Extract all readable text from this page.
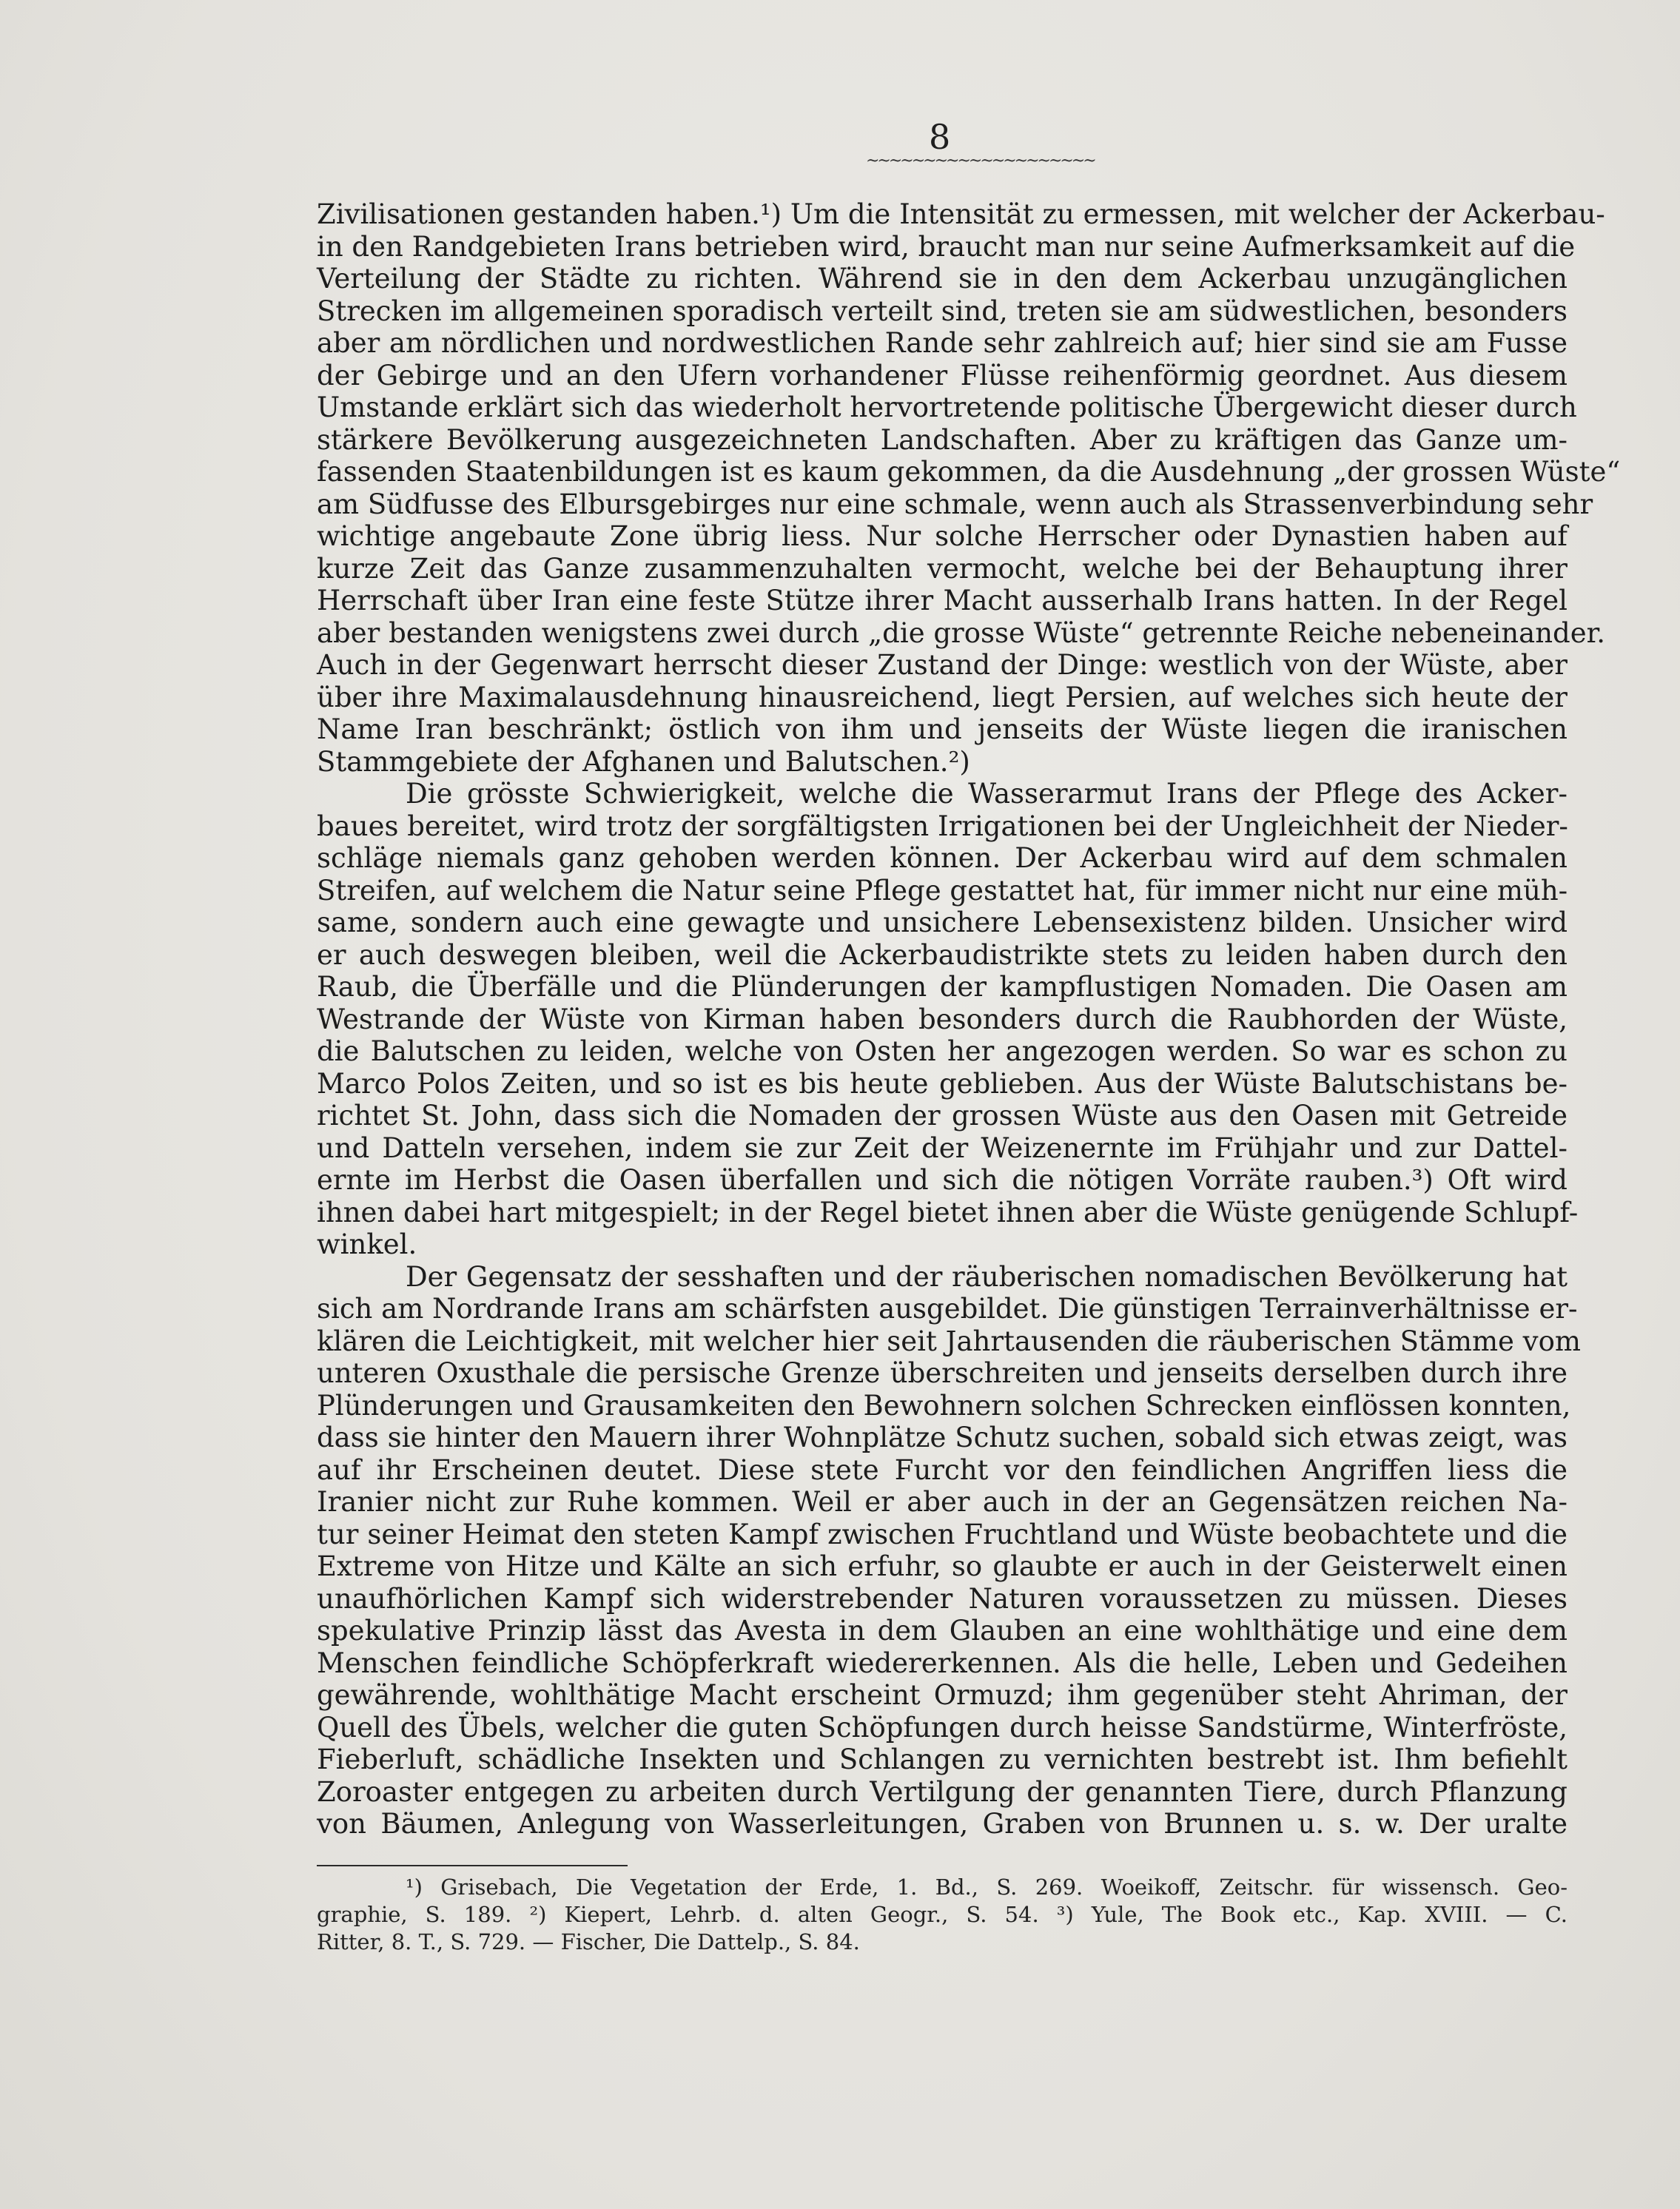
8
~~~~~~~~~~~~~~~~~~~~
Zivilisationen gestanden haben.¹) Um die Intensität zu ermessen, mit welcher der Ackerbau-
in den Randgebieten Irans betrieben wird, braucht man nur seine Aufmerksamkeit auf die
Verteilung der Städte zu richten. Während sie in den dem Ackerbau unzugänglichen
Strecken im allgemeinen sporadisch verteilt sind, treten sie am südwestlichen, besonders
aber am nördlichen und nordwestlichen Rande sehr zahlreich auf; hier sind sie am Fusse
der Gebirge und an den Ufern vorhandener Flüsse reihenförmig geordnet. Aus diesem
Umstande erklärt sich das wiederholt hervortretende politische Übergewicht dieser durch
stärkere Bevölkerung ausgezeichneten Landschaften. Aber zu kräftigen das Ganze um-
fassenden Staatenbildungen ist es kaum gekommen, da die Ausdehnung „der grossen Wüste“
am Südfusse des Elbursgebirges nur eine schmale, wenn auch als Strassenverbindung sehr
wichtige angebaute Zone übrig liess. Nur solche Herrscher oder Dynastien haben auf
kurze Zeit das Ganze zusammenzuhalten vermocht, welche bei der Behauptung ihrer
Herrschaft über Iran eine feste Stütze ihrer Macht ausserhalb Irans hatten. In der Regel
aber bestanden wenigstens zwei durch „die grosse Wüste“ getrennte Reiche nebeneinander.
Auch in der Gegenwart herrscht dieser Zustand der Dinge: westlich von der Wüste, aber
über ihre Maximalausdehnung hinausreichend, liegt Persien, auf welches sich heute der
Name Iran beschränkt; östlich von ihm und jenseits der Wüste liegen die iranischen
Stammgebiete der Afghanen und Balutschen.²)
Die grösste Schwierigkeit, welche die Wasserarmut Irans der Pflege des Acker-
baues bereitet, wird trotz der sorgfältigsten Irrigationen bei der Ungleichheit der Nieder-
schläge niemals ganz gehoben werden können. Der Ackerbau wird auf dem schmalen
Streifen, auf welchem die Natur seine Pflege gestattet hat, für immer nicht nur eine müh-
same, sondern auch eine gewagte und unsichere Lebensexistenz bilden. Unsicher wird
er auch deswegen bleiben, weil die Ackerbaudistrikte stets zu leiden haben durch den
Raub, die Überfälle und die Plünderungen der kampflustigen Nomaden. Die Oasen am
Westrande der Wüste von Kirman haben besonders durch die Raubhorden der Wüste,
die Balutschen zu leiden, welche von Osten her angezogen werden. So war es schon zu
Marco Polos Zeiten, und so ist es bis heute geblieben. Aus der Wüste Balutschistans be-
richtet St. John, dass sich die Nomaden der grossen Wüste aus den Oasen mit Getreide
und Datteln versehen, indem sie zur Zeit der Weizenernte im Frühjahr und zur Dattel-
ernte im Herbst die Oasen überfallen und sich die nötigen Vorräte rauben.³) Oft wird
ihnen dabei hart mitgespielt; in der Regel bietet ihnen aber die Wüste genügende Schlupf-
winkel.
Der Gegensatz der sesshaften und der räuberischen nomadischen Bevölkerung hat
sich am Nordrande Irans am schärfsten ausgebildet. Die günstigen Terrainverhältnisse er-
klären die Leichtigkeit, mit welcher hier seit Jahrtausenden die räuberischen Stämme vom
unteren Oxusthale die persische Grenze überschreiten und jenseits derselben durch ihre
Plünderungen und Grausamkeiten den Bewohnern solchen Schrecken einflössen konnten,
dass sie hinter den Mauern ihrer Wohnplätze Schutz suchen, sobald sich etwas zeigt, was
auf ihr Erscheinen deutet. Diese stete Furcht vor den feindlichen Angriffen liess die
Iranier nicht zur Ruhe kommen. Weil er aber auch in der an Gegensätzen reichen Na-
tur seiner Heimat den steten Kampf zwischen Fruchtland und Wüste beobachtete und die
Extreme von Hitze und Kälte an sich erfuhr, so glaubte er auch in der Geisterwelt einen
unaufhörlichen Kampf sich widerstrebender Naturen voraussetzen zu müssen. Dieses
spekulative Prinzip lässt das Avesta in dem Glauben an eine wohlthätige und eine dem
Menschen feindliche Schöpferkraft wiedererkennen. Als die helle, Leben und Gedeihen
gewährende, wohlthätige Macht erscheint Ormuzd; ihm gegenüber steht Ahriman, der
Quell des Übels, welcher die guten Schöpfungen durch heisse Sandstürme, Winterfröste,
Fieberluft, schädliche Insekten und Schlangen zu vernichten bestrebt ist. Ihm befiehlt
Zoroaster entgegen zu arbeiten durch Vertilgung der genannten Tiere, durch Pflanzung
von Bäumen, Anlegung von Wasserleitungen, Graben von Brunnen u. s. w. Der uralte
¹) Grisebach, Die Vegetation der Erde, 1. Bd., S. 269. Woeikoff, Zeitschr. für wissensch. Geo-
graphie, S. 189. ²) Kiepert, Lehrb. d. alten Geogr., S. 54. ³) Yule, The Book etc., Kap. XVIII. — C.
Ritter, 8. T., S. 729. — Fischer, Die Dattelp., S. 84.
